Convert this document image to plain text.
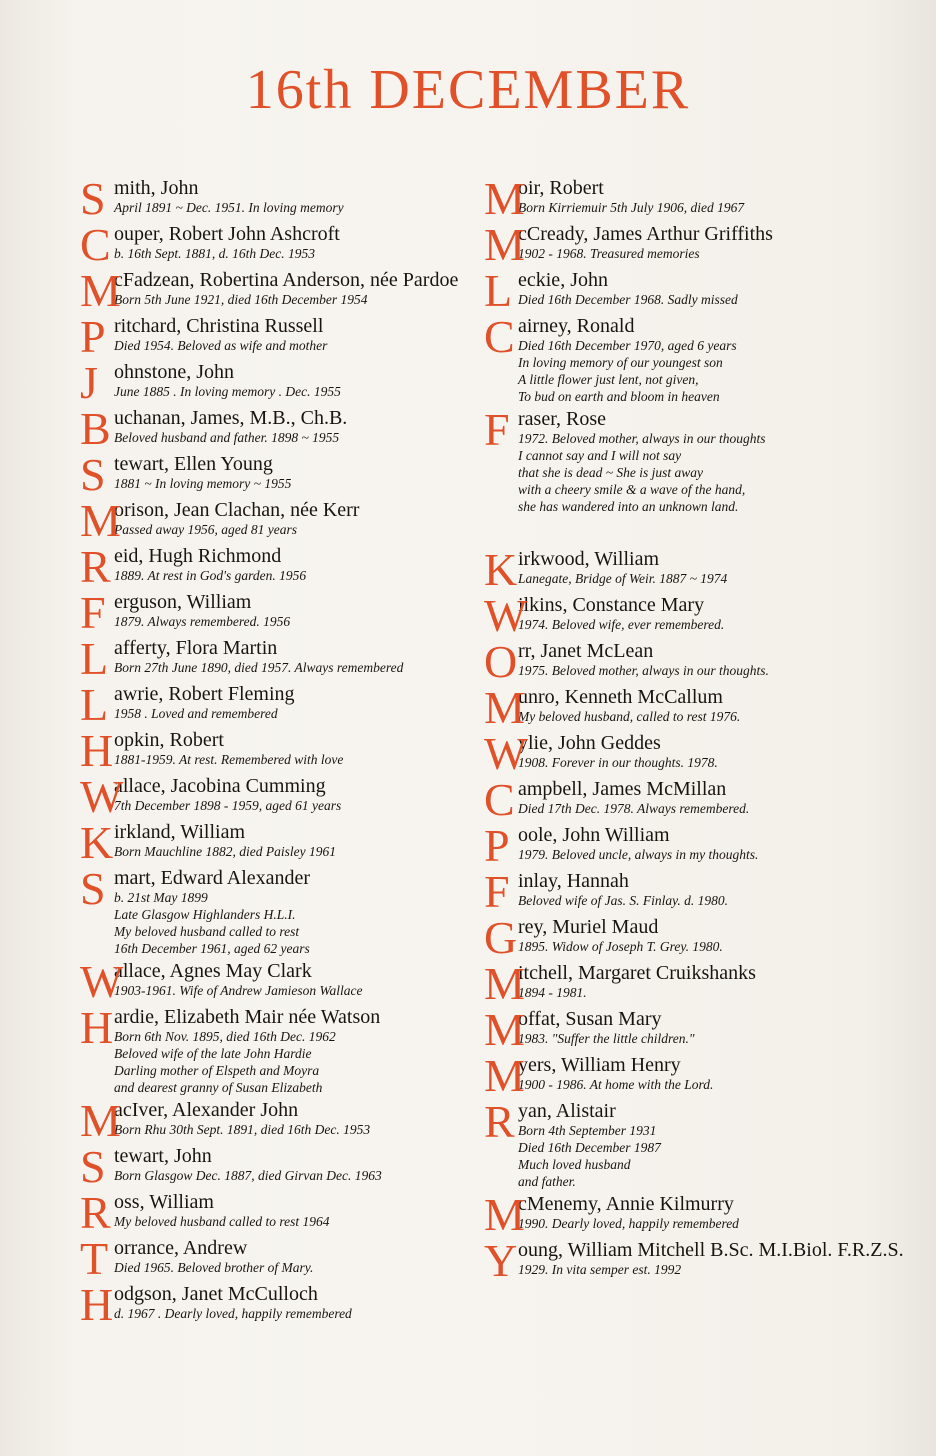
16th DECEMBER
S mith, John
April 1891 ~ Dec. 1951. In loving memory
C ouper, Robert John Ashcroft
b. 16th Sept. 1881, d. 16th Dec. 1953
M
cFadzean, Robertina Anderson, née Pardoe
Born 5th June 1921, died 16th December 1954
P ritchard, Christina Russell
Died 1954. Beloved as wife and mother
J ohnstone, John
June 1885 . In loving memory . Dec. 1955
B uchanan, James, M.B., Ch.B.
Beloved husband and father. 1898 ~ 1955
S tewart, Ellen Young
1881 ~ In loving memory ~ 1955
M
orison, Jean Clachan, née Kerr
Passed away 1956, aged 81 years
R eid, Hugh Richmond
1889. At rest in God's garden. 1956
F erguson, William
1879. Always remembered. 1956
L afferty, Flora Martin
Born 27th June 1890, died 1957. Always remembered
L awrie, Robert Fleming
1958 . Loved and remembered
H opkin, Robert
1881-1959. At rest. Remembered with love
W
allace, Jacobina Cumming
7th December 1898 - 1959, aged 61 years
K irkland, William
Born Mauchline 1882, died Paisley 1961
S mart, Edward Alexander
b. 21st May 1899
Late Glasgow Highlanders H.L.I.
My beloved husband called to rest
16th December 1961, aged 62 years
W
allace, Agnes May Clark
1903-1961. Wife of Andrew Jamieson Wallace
H ardie, Elizabeth Mair née Watson
Born 6th Nov. 1895, died 16th Dec. 1962
Beloved wife of the late John Hardie
Darling mother of Elspeth and Moyra
and dearest granny of Susan Elizabeth
M
acIver, Alexander John
Born Rhu 30th Sept. 1891, died 16th Dec. 1953
S tewart, John
Born Glasgow Dec. 1887, died Girvan Dec. 1963
R oss, William
My beloved husband called to rest 1964
T orrance, Andrew
Died 1965. Beloved brother of Mary.
H odgson, Janet McCulloch
d. 1967 . Dearly loved, happily remembered
M
oir, Robert
Born Kirriemuir 5th July 1906, died 1967
M
cCready, James Arthur Griffiths
1902 - 1968. Treasured memories
L eckie, John
Died 16th December 1968. Sadly missed
C airney, Ronald
Died 16th December 1970, aged 6 years
In loving memory of our youngest son
A little flower just lent, not given,
To bud on earth and bloom in heaven
F raser, Rose
1972. Beloved mother, always in our thoughts
I cannot say and I will not say
that she is dead ~ She is just away
with a cheery smile & a wave of the hand,
she has wandered into an unknown land.
K irkwood, William
Lanegate, Bridge of Weir. 1887 ~ 1974
W
ilkins, Constance Mary
1974. Beloved wife, ever remembered.
O rr, Janet McLean
1975. Beloved mother, always in our thoughts.
M
unro, Kenneth McCallum
My beloved husband, called to rest 1976.
W
ylie, John Geddes
1908. Forever in our thoughts. 1978.
C ampbell, James McMillan
Died 17th Dec. 1978. Always remembered.
P oole, John William
1979. Beloved uncle, always in my thoughts.
F inlay, Hannah
Beloved wife of Jas. S. Finlay. d. 1980.
G rey, Muriel Maud
1895. Widow of Joseph T. Grey. 1980.
M
itchell, Margaret Cruikshanks
1894 - 1981.
M
offat, Susan Mary
1983. "Suffer the little children."
M
yers, William Henry
1900 - 1986. At home with the Lord.
R yan, Alistair
Born 4th September 1931
Died 16th December 1987
Much loved husband
and father.
M
cMenemy, Annie Kilmurry
1990. Dearly loved, happily remembered
Y oung, William Mitchell B.Sc. M.I.Biol. F.R.Z.S.
1929. In vita semper est. 1992
